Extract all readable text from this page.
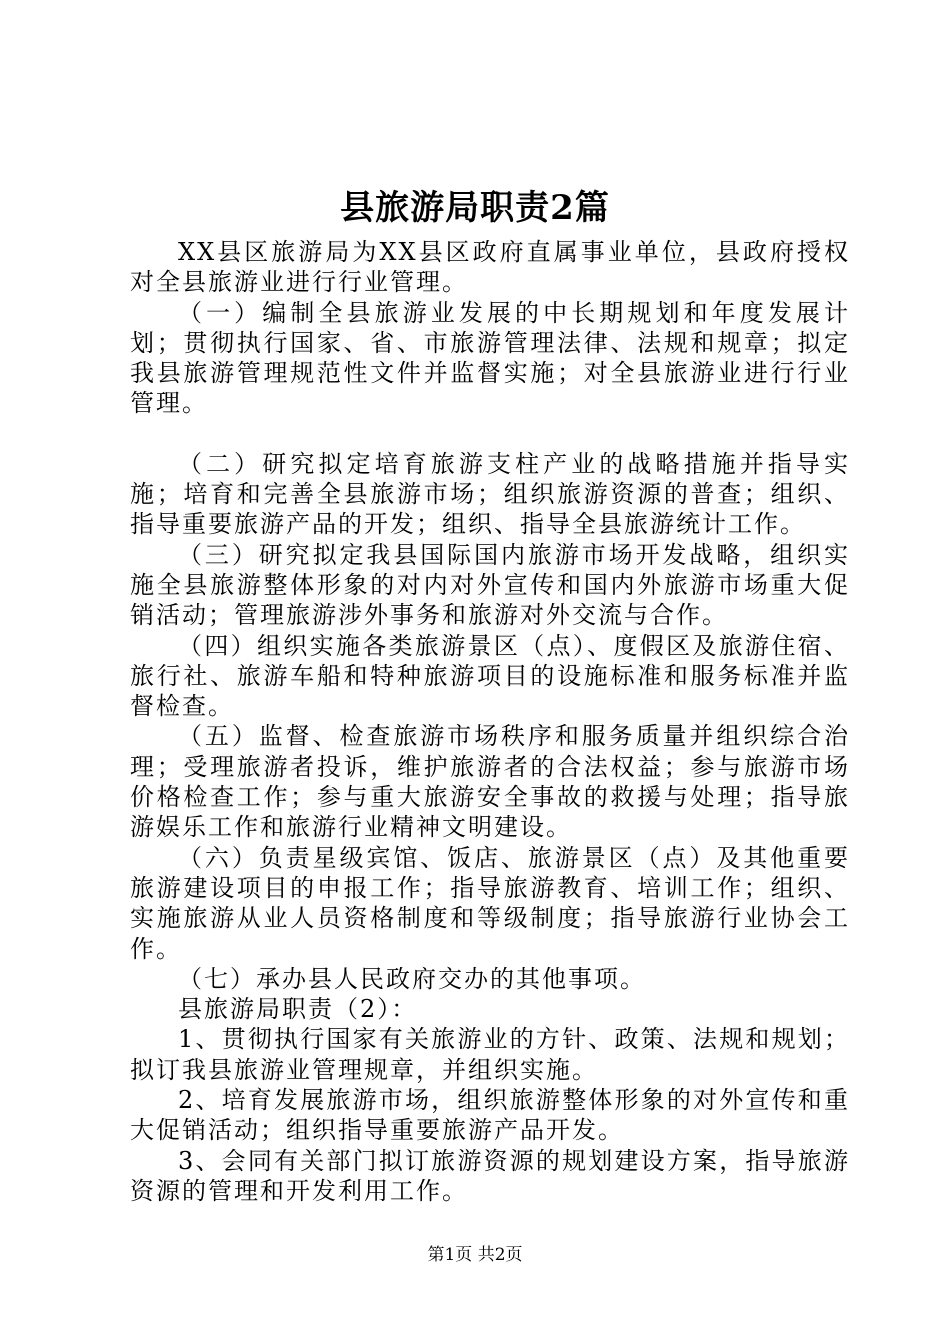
县旅游局职责2篇

XX县区旅游局为XX县区政府直属事业单位，县政府授权对全县旅游业进行行业管理。

（一）编制全县旅游业发展的中长期规划和年度发展计划；贯彻执行国家、省、市旅游管理法律、法规和规章；拟定我县旅游管理规范性文件并监督实施；对全县旅游业进行行业管理。

（二）研究拟定培育旅游支柱产业的战略措施并指导实施；培育和完善全县旅游市场；组织旅游资源的普查；组织、指导重要旅游产品的开发；组织、指导全县旅游统计工作。

（三）研究拟定我县国际国内旅游市场开发战略，组织实施全县旅游整体形象的对内对外宣传和国内外旅游市场重大促销活动；管理旅游涉外事务和旅游对外交流与合作。

（四）组织实施各类旅游景区（点）、度假区及旅游住宿、旅行社、旅游车船和特种旅游项目的设施标准和服务标准并监督检查。

（五）监督、检查旅游市场秩序和服务质量并组织综合治理；受理旅游者投诉，维护旅游者的合法权益；参与旅游市场价格检查工作；参与重大旅游安全事故的救援与处理；指导旅游娱乐工作和旅游行业精神文明建设。

（六）负责星级宾馆、饭店、旅游景区（点）及其他重要旅游建设项目的申报工作；指导旅游教育、培训工作；组织、实施旅游从业人员资格制度和等级制度；指导旅游行业协会工作。

（七）承办县人民政府交办的其他事项。

县旅游局职责（2）：

1、贯彻执行国家有关旅游业的方针、政策、法规和规划；拟订我县旅游业管理规章，并组织实施。

2、培育发展旅游市场，组织旅游整体形象的对外宣传和重大促销活动；组织指导重要旅游产品开发。

3、会同有关部门拟订旅游资源的规划建设方案，指导旅游资源的管理和开发利用工作。

第1页 共2页
